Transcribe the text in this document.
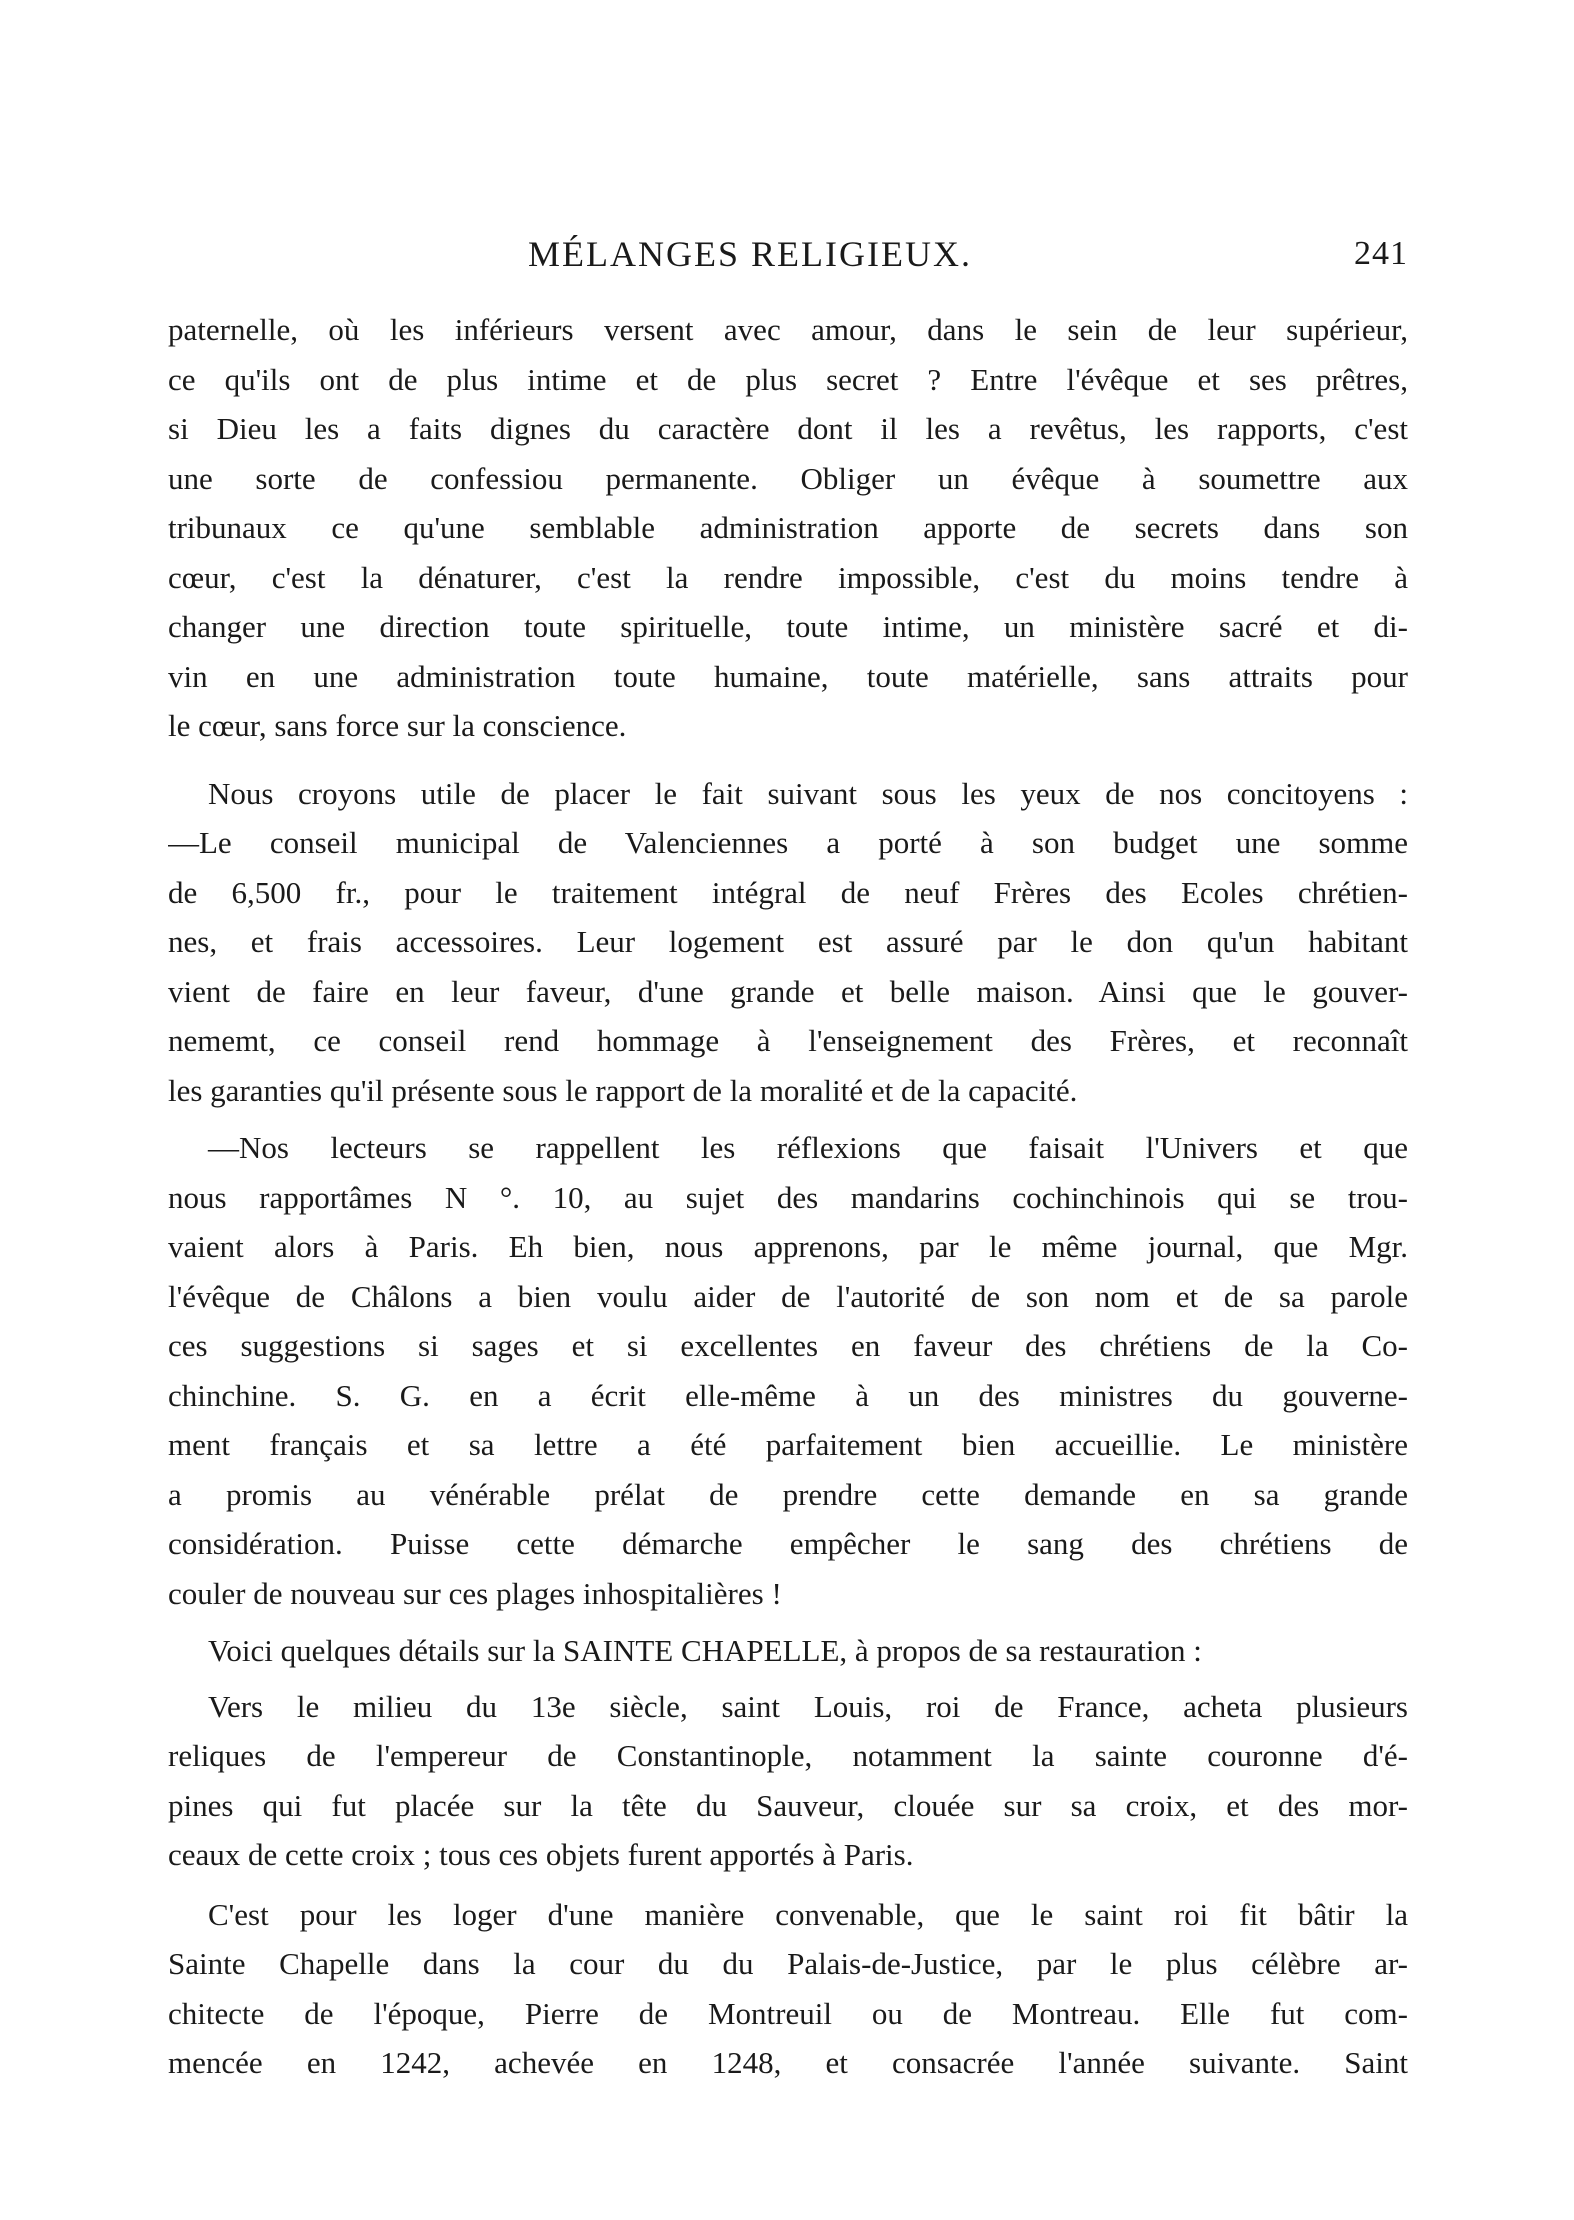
MÉLANGES RELIGIEUX.	241

paternelle, où les inférieurs versent avec amour, dans le sein de leur supérieur,
ce qu'ils ont de plus intime et de plus secret ? Entre l'évêque et ses prêtres,
si Dieu les a faits dignes du caractère dont il les a revêtus, les rapports, c'est
une sorte de confessiou permanente. Obliger un évêque à soumettre aux
tribunaux ce qu'une semblable administration apporte de secrets dans son
cœur, c'est la dénaturer, c'est la rendre impossible, c'est du moins tendre à
changer une direction toute spirituelle, toute intime, un ministère sacré et di-
vin en une administration toute humaine, toute matérielle, sans attraits pour
le cœur, sans force sur la conscience.

Nous croyons utile de placer le fait suivant sous les yeux de nos concitoyens :

—Le conseil municipal de Valenciennes a porté à son budget une somme
de 6,500 fr., pour le traitement intégral de neuf Frères des Ecoles chrétien-
nes, et frais accessoires. Leur logement est assuré par le don qu'un habitant
vient de faire en leur faveur, d'une grande et belle maison. Ainsi que le gouver-
nememt, ce conseil rend hommage à l'enseignement des Frères, et reconnaît
les garanties qu'il présente sous le rapport de la moralité et de la capacité.

—Nos lecteurs se rappellent les réflexions que faisait l'Univers et que
nous rapportâmes N °. 10, au sujet des mandarins cochinchinois qui se trou-
vaient alors à Paris. Eh bien, nous apprenons, par le même journal, que Mgr.
l'évêque de Châlons a bien voulu aider de l'autorité de son nom et de sa parole
ces suggestions si sages et si excellentes en faveur des chrétiens de la Co-
chinchine. S. G. en a écrit elle-même à un des ministres du gouverne-
ment français et sa lettre a été parfaitement bien accueillie. Le ministère
a promis au vénérable prélat de prendre cette demande en sa grande
considération. Puisse cette démarche empêcher le sang des chrétiens de
couler de nouveau sur ces plages inhospitalières !

Voici quelques détails sur la SAINTE CHAPELLE, à propos de sa restauration :

Vers le milieu du 13e siècle, saint Louis, roi de France, acheta plusieurs
reliques de l'empereur de Constantinople, notamment la sainte couronne d'é-
pines qui fut placée sur la tête du Sauveur, clouée sur sa croix, et des mor-
ceaux de cette croix ; tous ces objets furent apportés à Paris.

C'est pour les loger d'une manière convenable, que le saint roi fit bâtir la
Sainte Chapelle dans la cour du du Palais-de-Justice, par le plus célèbre ar-
chitecte de l'époque, Pierre de Montreuil ou de Montreau. Elle fut com-
mencée en 1242, achevée en 1248, et consacrée l'année suivante. Saint
